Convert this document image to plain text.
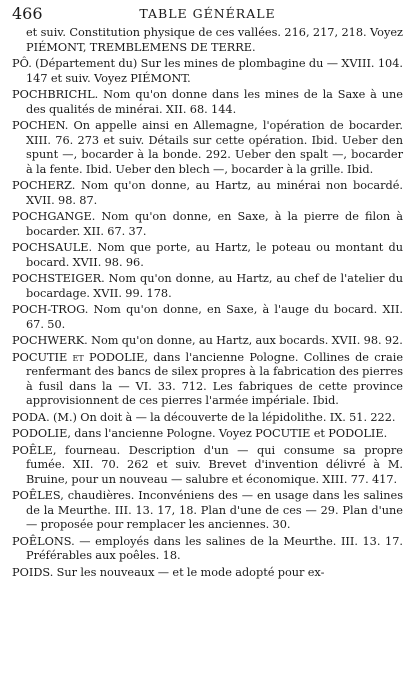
466	TABLE GÉNÉRALE

et suiv. Constitution physique de ces vallées. 216, 217, 218. Voyez PIÉMONT, TREMBLEMENS DE TERRE.

PÔ. (Département du) Sur les mines de plombagine du — XVIII. 104. 147 et suiv. Voyez PIÉMONT.

POCHBRICHL. Nom qu'on donne dans les mines de la Saxe à une des qualités de minérai. XII. 68. 144.

POCHEN. On appelle ainsi en Allemagne, l'opération de bocarder. XIII. 76. 273 et suiv. Détails sur cette opération. Ibid. Ueber den spunt —, bocarder à la bonde. 292. Ueber den spalt —, bocarder à la fente. Ibid. Ueber den blech —, bocarder à la grille. Ibid.

POCHERZ. Nom qu'on donne, au Hartz, au minérai non bocardé. XVII. 98. 87.

POCHGANGE. Nom qu'on donne, en Saxe, à la pierre de filon à bocarder. XII. 67. 37.

POCHSAULE. Nom que porte, au Hartz, le poteau ou montant du bocard. XVII. 98. 96.

POCHSTEIGER. Nom qu'on donne, au Hartz, au chef de l'atelier du bocardage. XVII. 99. 178.

POCH-TROG. Nom qu'on donne, en Saxe, à l'auge du bocard. XII. 67. 50.

POCHWERK. Nom qu'on donne, au Hartz, aux bocards. XVII. 98. 92.

POCUTIE et PODOLIE, dans l'ancienne Pologne. Collines de craie renfermant des bancs de silex propres à la fabrication des pierres à fusil dans la — VI. 33. 712. Les fabriques de cette province approvisionnent de ces pierres l'armée impériale. Ibid.

PODA. (M.) On doit à — la découverte de la lépidolithe. IX. 51. 222.

PODOLIE, dans l'ancienne Pologne. Voyez POCUTIE et PODOLIE.

POÊLE, fourneau. Description d'un — qui consume sa propre fumée. XII. 70. 262 et suiv. Brevet d'invention délivré à M. Bruine, pour un nouveau — salubre et économique. XIII. 77. 417.

POÊLES, chaudières. Inconvéniens des — en usage dans les salines de la Meurthe. III. 13. 17, 18. Plan d'une de ces — 29. Plan d'une — proposée pour remplacer les anciennes. 30.

POÊLONS. — employés dans les salines de la Meurthe. III. 13. 17. Préférables aux poêles. 18.

POIDS. Sur les nouveaux — et le mode adopté pour ex-
